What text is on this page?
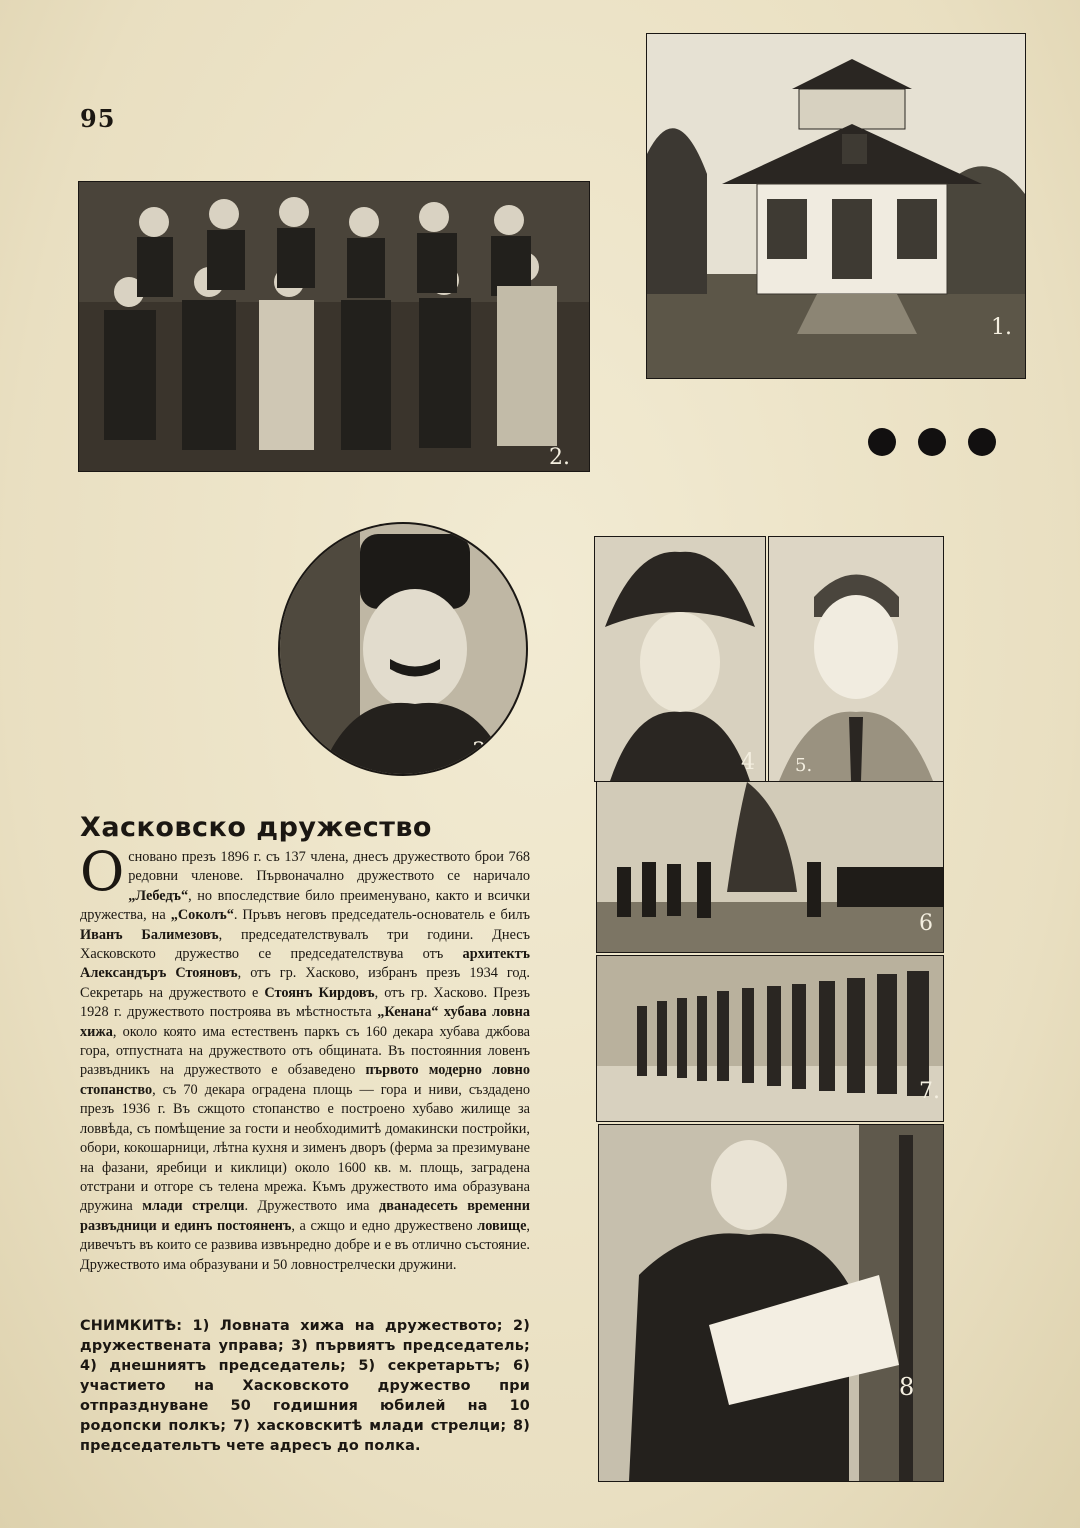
95
2.
1.
3	4 5.
6
7.
8
Хасковско дружество
Основано презъ 1896 г. съ 137 члена, днесъ дружеството брои 768 редовни членове. Първоначално дружеството се наричало „Лебедъ“, но впоследствие било преименувано, както и всички дружества, на „Соколъ“. Пръвъ неговъ председатель-основатель е билъ Иванъ Балимезовъ, председателствувалъ три години. Днесъ Хасковското дружество се председателствува отъ архитектъ Александъръ Стояновъ, отъ гр. Хасково, избранъ презъ 1934 год. Секретарь на дружеството е Стоянъ Кирдовъ, отъ гр. Хасково. Презъ 1928 г. дружеството построява въ мѣстностьта „Кенана“ хубава ловна хижа, около която има естественъ паркъ съ 160 декара хубава джбова гора, отпустната на дружеството отъ общината. Въ постоянния ловенъ развъдникъ на дружеството е обзаведено първото модерно ловно стопанство, съ 70 декара оградена площь — гора и ниви, създадено презъ 1936 г. Въ сжщото стопанство е построено хубаво жилище за ловвѣда, съ помѣщение за гости и необходимитѣ домакински постройки, обори, кокошарници, лѣтна кухня и зименъ дворъ (ферма за презимуване на фазани, яребици и киклици) около 1600 кв. м. площь, заградена отстрани и отгоре съ телена мрежа. Къмъ дружеството има образувана дружина млади стрелци. Дружеството има дванадесеть временни развъдници и единъ постояненъ, а сжщо и едно дружествено ловище, дивечътъ въ които се развива извънредно добре и е въ отлично състояние. Дружеството има образувани и 50 ловнострелчески дружини.
СНИМКИТѢ: 1) Ловната хижа на дружеството; 2) дружествената управа; 3) първиятъ председатель; 4) днешниятъ председатель; 5) секретарьтъ; 6) участието на Хасковското дружество при отпразднуване 50 годишния юбилей на 10 родопски полкъ; 7) хасковскитѣ млади стрелци; 8) председательтъ чете адресъ до полка.
